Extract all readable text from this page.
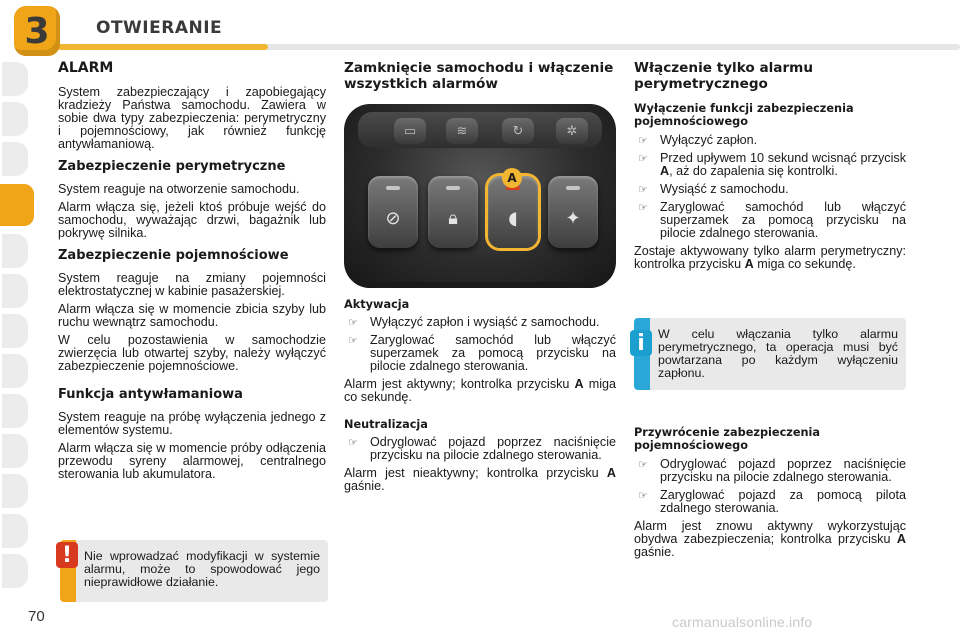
3	OTWIERANIE
ALARM

System zabezpieczający i zapobiegający kradzieży Państwa samochodu. Zawiera w sobie dwa typy zabezpieczenia: perymetryczny i pojemnościowy, jak również funkcję antywłamaniową.

Zabezpieczenie perymetryczne

System reaguje na otworzenie samochodu.

Alarm włącza się, jeżeli ktoś próbuje wejść do samochodu, wyważając drzwi, bagażnik lub pokrywę silnika.

Zabezpieczenie pojemnościowe

System reaguje na zmiany pojemności elektrostatycznej w kabinie pasażerskiej.

Alarm włącza się w momencie zbicia szyby lub ruchu wewnątrz samochodu.

W celu pozostawienia w samochodzie zwierzęcia lub otwartej szyby, należy wyłączyć zabezpieczenie pojemnościowe.

Funkcja antywłamaniowa

System reaguje na próbę wyłączenia jednego z elementów systemu.

Alarm włącza się w momencie próby odłączenia przewodu syreny alarmowej, centralnego sterowania lub akumulatora.

! Nie wprowadzać modyfikacji w systemie alarmu, może to spowodować jego nieprawidłowe działanie.
Zamknięcie samochodu i włączenie wszystkich alarmów
▭	≋	↻	✲
⊘	🔒︎	◖	✦
A
Aktywacja
☞ Wyłączyć zapłon i wysiąść z samochodu.
☞ Zaryglować samochód lub włączyć superzamek za pomocą przycisku na pilocie zdalnego sterowania.

Alarm jest aktywny; kontrolka przycisku A miga co sekundę.

Neutralizacja
☞ Odryglować pojazd poprzez naciśnięcie przycisku na pilocie zdalnego sterowania.

Alarm jest nieaktywny; kontrolka przycisku A gaśnie.

Włączenie tylko alarmu perymetrycznego
Wyłączenie funkcji zabezpieczenia pojemnościowego
☞ Wyłączyć zapłon.
☞ Przed upływem 10 sekund wcisnąć przycisk A, aż do zapalenia się kontrolki.
☞ Wysiąść z samochodu.
☞ Zaryglować samochód lub włączyć superzamek za pomocą przycisku na pilocie zdalnego sterowania.

Zostaje aktywowany tylko alarm perymetryczny: kontrolka przycisku A miga co sekundę.

i	W celu włączania tylko alarmu perymetrycznego, ta operacja musi być powtarzana po każdym wyłączeniu zapłonu.
Przywrócenie zabezpieczenia pojemnościowego
☞ Odryglować pojazd poprzez naciśnięcie przycisku na pilocie zdalnego sterowania.
☞ Zaryglować pojazd za pomocą pilota zdalnego sterowania.

Alarm jest znowu aktywny wykorzystując obydwa zabezpieczenia; kontrolka przycisku A gaśnie.

70	carmanualsonline.info
